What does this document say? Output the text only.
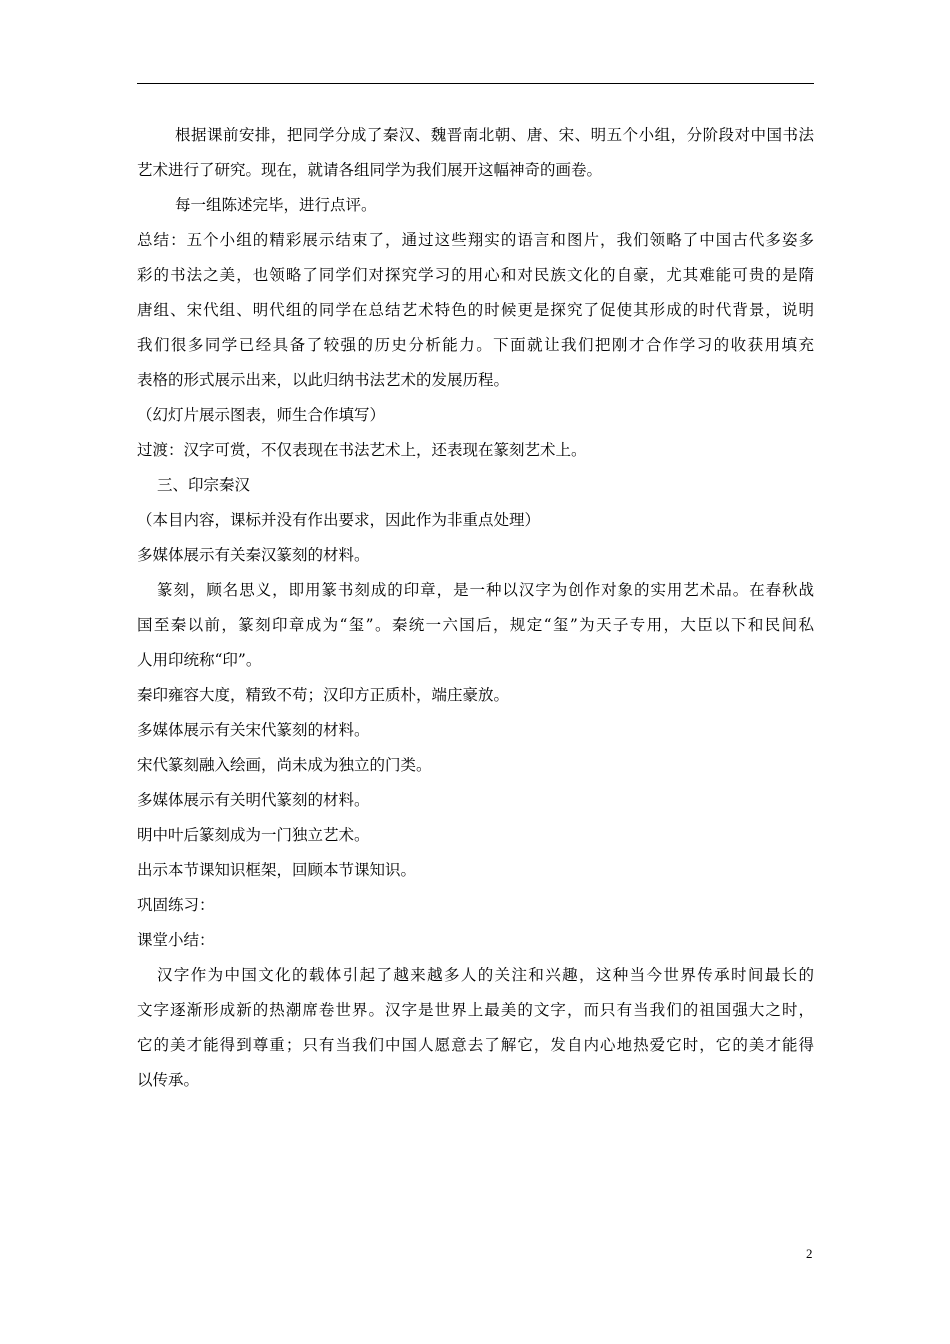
根据课前安排，把同学分成了秦汉、魏晋南北朝、唐、宋、明五个小组，分阶段对中国书法
艺术进行了研究。现在，就请各组同学为我们展开这幅神奇的画卷。
每一组陈述完毕，进行点评。
总结：五个小组的精彩展示结束了，通过这些翔实的语言和图片，我们领略了中国古代多姿多
彩的书法之美，也领略了同学们对探究学习的用心和对民族文化的自豪，尤其难能可贵的是隋
唐组、宋代组、明代组的同学在总结艺术特色的时候更是探究了促使其形成的时代背景，说明
我们很多同学已经具备了较强的历史分析能力。下面就让我们把刚才合作学习的收获用填充
表格的形式展示出来，以此归纳书法艺术的发展历程。
（幻灯片展示图表，师生合作填写）
过渡：汉字可赏，不仅表现在书法艺术上，还表现在篆刻艺术上。
三、印宗秦汉
（本目内容，课标并没有作出要求，因此作为非重点处理）
多媒体展示有关秦汉篆刻的材料。
篆刻，顾名思义，即用篆书刻成的印章，是一种以汉字为创作对象的实用艺术品。在春秋战
国至秦以前，篆刻印章成为“玺”。秦统一六国后，规定“玺”为天子专用，大臣以下和民间私
人用印统称“印”。
秦印雍容大度，精致不苟；汉印方正质朴，端庄豪放。
多媒体展示有关宋代篆刻的材料。
宋代篆刻融入绘画，尚未成为独立的门类。
多媒体展示有关明代篆刻的材料。
明中叶后篆刻成为一门独立艺术。
出示本节课知识框架，回顾本节课知识。
巩固练习：
课堂小结：
汉字作为中国文化的载体引起了越来越多人的关注和兴趣，这种当今世界传承时间最长的
文字逐渐形成新的热潮席卷世界。汉字是世界上最美的文字，而只有当我们的祖国强大之时，
它的美才能得到尊重；只有当我们中国人愿意去了解它，发自内心地热爱它时，它的美才能得
以传承。
2
